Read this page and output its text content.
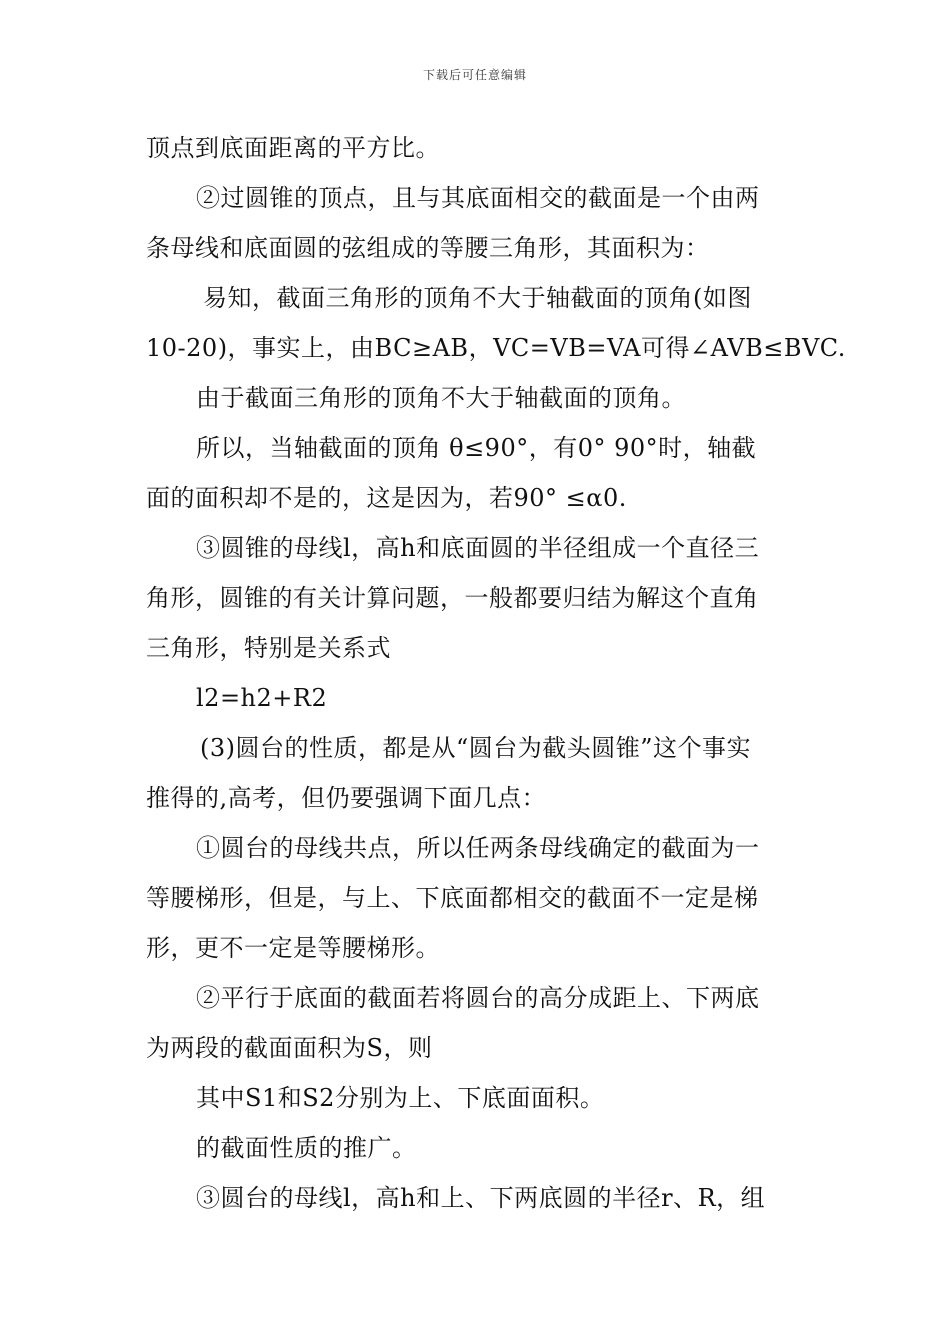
下载后可任意编辑
顶点到底面距离的平方比。
②过圆锥的顶点，且与其底面相交的截面是一个由两
条母线和底面圆的弦组成的等腰三角形，其面积为：
易知，截面三角形的顶角不大于轴截面的顶角(如图
10-20)，事实上，由BC≥AB，VC=VB=VA可得∠AVB≤BVC.
由于截面三角形的顶角不大于轴截面的顶角。
所以，当轴截面的顶角 θ≤90°，有0° 90°时，轴截
面的面积却不是的，这是因为，若90° ≤α0.
③圆锥的母线l，高h和底面圆的半径组成一个直径三
角形，圆锥的有关计算问题，一般都要归结为解这个直角
三角形，特别是关系式
l2=h2+R2
(3)圆台的性质，都是从“圆台为截头圆锥”这个事实
推得的,高考，但仍要强调下面几点：
①圆台的母线共点，所以任两条母线确定的截面为一
等腰梯形，但是，与上、下底面都相交的截面不一定是梯
形，更不一定是等腰梯形。
②平行于底面的截面若将圆台的高分成距上、下两底
为两段的截面面积为S，则
其中S1和S2分别为上、下底面面积。
的截面性质的推广。
③圆台的母线l，高h和上、下两底圆的半径r、R，组
